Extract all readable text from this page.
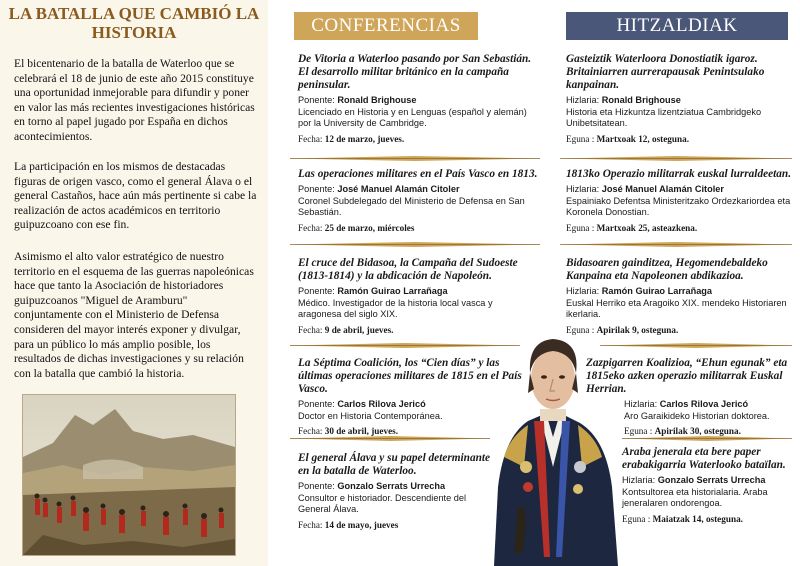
LA BATALLA QUE CAMBIÓ LA HISTORIA
El bicentenario de la batalla de Waterloo que se celebrará el 18 de junio de este año 2015 constituye una oportunidad inmejorable para difundir y poner en valor las más recientes investigaciones históricas en torno al papel jugado por España en dichos acontecimientos.
La participación en los mismos de destacadas figuras de origen vasco, como el general Álava o el general Castaños, hace aún más pertinente si cabe la realización de actos académicos en territorio guipuzcoano con ese fin.
Asimismo el alto valor estratégico de nuestro territorio en el esquema de las guerras napoleónicas hace que tanto la Asociación de historiadores guipuzcoanos "Miguel de Aramburu" conjuntamente con el Ministerio de Defensa consideren del mayor interés exponer y divulgar, para un público lo más amplio posible, los resultados de dichas investigaciones y su relación con la batalla que cambió la historia.
CONFERENCIAS
De Vitoria a Waterloo pasando por San Sebastián. El desarrollo militar británico en la campaña peninsular.
Ponente: Ronald Brighouse
Licenciado en Historia y en Lenguas (español y alemán) por la University de Cambridge.
Fecha: 12 de marzo, jueves.
Las operaciones militares en el País Vasco en 1813.
Ponente: José Manuel Alamán Citoler
Coronel Subdelegado del Ministerio de Defensa en San Sebastián.
Fecha: 25 de marzo, miércoles
El cruce del Bidasoa, la Campaña del Sudoeste (1813-1814) y la abdicación de Napoleón.
Ponente: Ramón Guirao Larrañaga
Médico. Investigador de la historia local vasca y aragonesa del siglo XIX.
Fecha: 9 de abril, jueves.
La Séptima Coalición, los “Cien días” y las últimas operaciones militares de 1815 en el País Vasco.
Ponente: Carlos Rilova Jericó
Doctor en Historia Contemporánea.
Fecha: 30 de abril, jueves.
El general Álava y su papel determinante en la batalla de Waterloo.
Ponente: Gonzalo Serrats Urrecha
Consultor e historiador. Descendiente del General Álava.
Fecha: 14 de mayo, jueves
HITZALDIAK
Gasteiztik Waterloora Donostiatik igaroz. Britainiarren aurrerapausak Penintsulako kanpainan.
Hizlaria: Ronald Brighouse
Historia eta Hizkuntza lizentziatua Cambridgeko Unibetsitatean.
Eguna : Martxoak 12, osteguna.
1813ko Operazio militarrak euskal lurraldeetan.
Hizlaria: José Manuel Alamán Citoler
Espainiako Defentsa Ministeritzako Ordezkariordea eta Koronela Donostian.
Eguna : Martxoak 25, asteazkena.
Bidasoaren gainditzea, Hegomendebaldeko Kanpaina eta Napoleonen abdikazioa.
Hizlaria: Ramón Guirao Larrañaga
Euskal Herriko eta Aragoiko XIX. mendeko Historiaren ikerlaria.
Eguna : Apirilak 9, osteguna.
Zazpigarren Koalizioa, “Ehun egunak” eta 1815eko azken operazio militarrak Euskal Herrian.
Hizlaria: Carlos Rilova Jericó
Aro Garaikideko Historian doktorea.
Eguna : Apirilak 30, osteguna.
Araba jenerala eta bere paper erabakigarria Waterlooko bataïlan.
Hizlaria: Gonzalo Serrats Urrecha
Kontsultorea eta historialaria. Araba jeneralaren ondorengoa.
Eguna : Maiatzak 14, osteguna.
